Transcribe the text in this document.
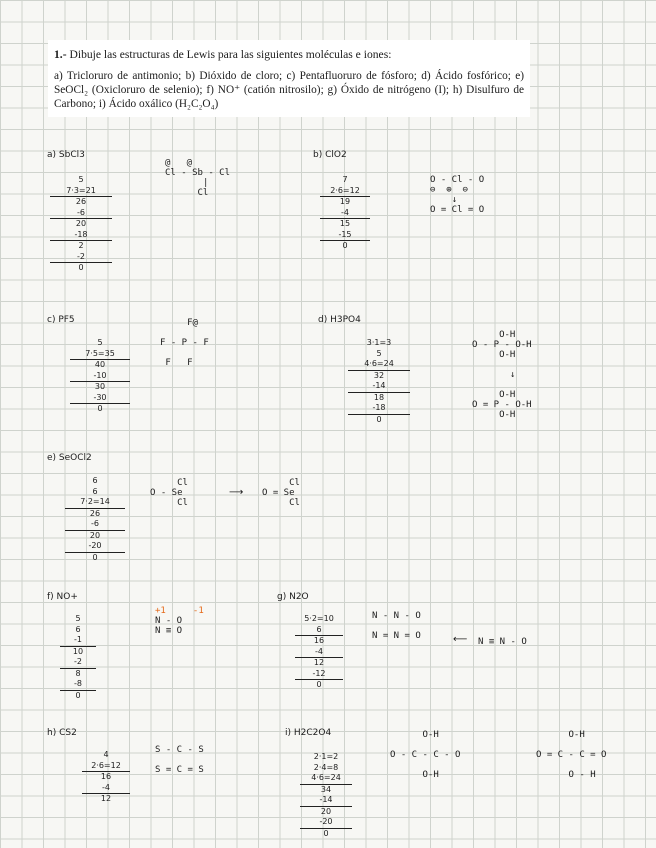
1.- Dibuje las estructuras de Lewis para las siguientes moléculas e iones:
a) Tricloruro de antimonio; b) Dióxido de cloro; c) Pentafluoruro de fósforo; d) Ácido fosfórico; e) SeOCl₂ (Oxicloruro de selenio); f) NO⁺ (catión nitrosilo); g) Óxido de nitrógeno (I); h) Disulfuro de Carbono; i) Ácido oxálico (H₂C₂O₄)
a) SbCl3
5
7·3=21
26
-6
20
-18
2
-2
0
@   @
Cl - Sb - Cl
|
Cl
b) ClO2
7
2·6=12
19
-4
15
-15
0
O - Cl - O
⊖  ⊕  ⊖
↓
O = Cl = O
c) PF5
5
7·5=35
40
-10
30
-30
0
F@

F - P - F

F   F
d) H3PO4
3·1=3
5
4·6=24
32
-14
18
-18
0
O-H
O - P - O-H
O-H

↓

O-H
O = P - O-H
O-H
e) SeOCl2
6
6
7·2=14
26
-6
20
-20
0
Cl
O - Se
Cl
⟶
Cl
O = Se
Cl
f) NO+
5
6
-1
10
-2
8
-8
0
+1     -1
N - O
N ≡ O
g) N2O
5·2=10
6
16
-4
12
-12
0
N - N - O

N = N = O	⟵ N ≡ N - O
h) CS2
4
2·6=12
16
-4
12
S - C - S

S = C = S
i) H2C2O4
2·1=2
2·4=8
4·6=24
34
-14
20
-20
0
O-H

O - C - C - O

O-H
O-H

O = C - C = O

O - H
